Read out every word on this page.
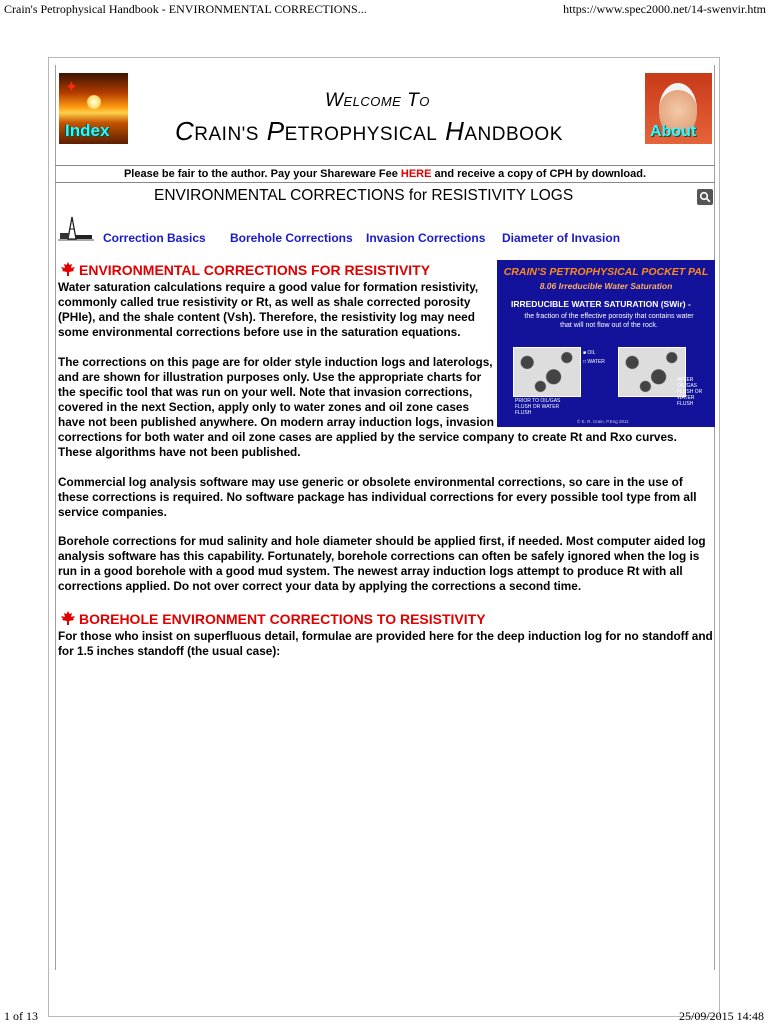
Crain's Petrophysical Handbook - ENVIRONMENTAL CORRECTIONS...	https://www.spec2000.net/14-swenvir.htm
✦
Index
WELCOME TO
CRAIN'S PETROPHYSICAL HANDBOOK	About
Please be fair to the author. Pay your Shareware Fee HERE and receive a copy of CPH by download.
ENVIRONMENTAL CORRECTIONS for RESISTIVITY LOGS
Correction Basics Borehole Corrections Invasion Corrections Diameter of Invasion
ENVIRONMENTAL CORRECTIONS FOR RESISTIVITY
Water saturation calculations require a good value for formation resistivity, commonly called true resistivity or Rt, as well as shale corrected porosity (PHIe), and the shale content (Vsh). Therefore, the resistivity log may need some environmental corrections before use in the saturation equations.
The corrections on this page are for older style induction logs and laterologs, and are shown for illustration purposes only. Use the appropriate charts for the specific tool that was run on your well. Note that invasion corrections, covered in the next Section, apply only to water zones and oil zone cases have not been published anywhere. On modern array induction logs, invasion
corrections for both water and oil zone cases are applied by the service company to create Rt and Rxo curves. These algorithms have not been published.
Commercial log analysis software may use generic or obsolete environmental corrections, so care in the use of these corrections is required. No software package has individual corrections for every possible tool type from all service companies.
Borehole corrections for mud salinity and hole diameter should be applied first, if needed. Most computer aided log analysis software has this capability. Fortunately, borehole corrections can often be safely ignored when the log is run in a good borehole with a good mud system. The newest array induction logs attempt to produce Rt with all corrections applied. Do not over correct your data by applying the corrections a second time.
BOREHOLE ENVIRONMENT CORRECTIONS TO RESISTIVITY
For those who insist on superfluous detail, formulae are provided here for the deep induction log for no standoff and for 1.5 inches standoff (the usual case):
CRAIN'S PETROPHYSICAL POCKET PAL
8.06 Irreducible Water Saturation
IRREDUCIBLE WATER SATURATION (SWir) -
the fraction of the effective porosity that contains water that will not flow out of the rock.
■ OIL
□ WATER
PRIOR TO OIL/GAS FLUSH OR WATER FLUSH
AFTER OIL/GAS FLUSH OR WATER FLUSH
© E. R. Crain, P.Eng 2011
1 of 13	25/09/2015 14:48
